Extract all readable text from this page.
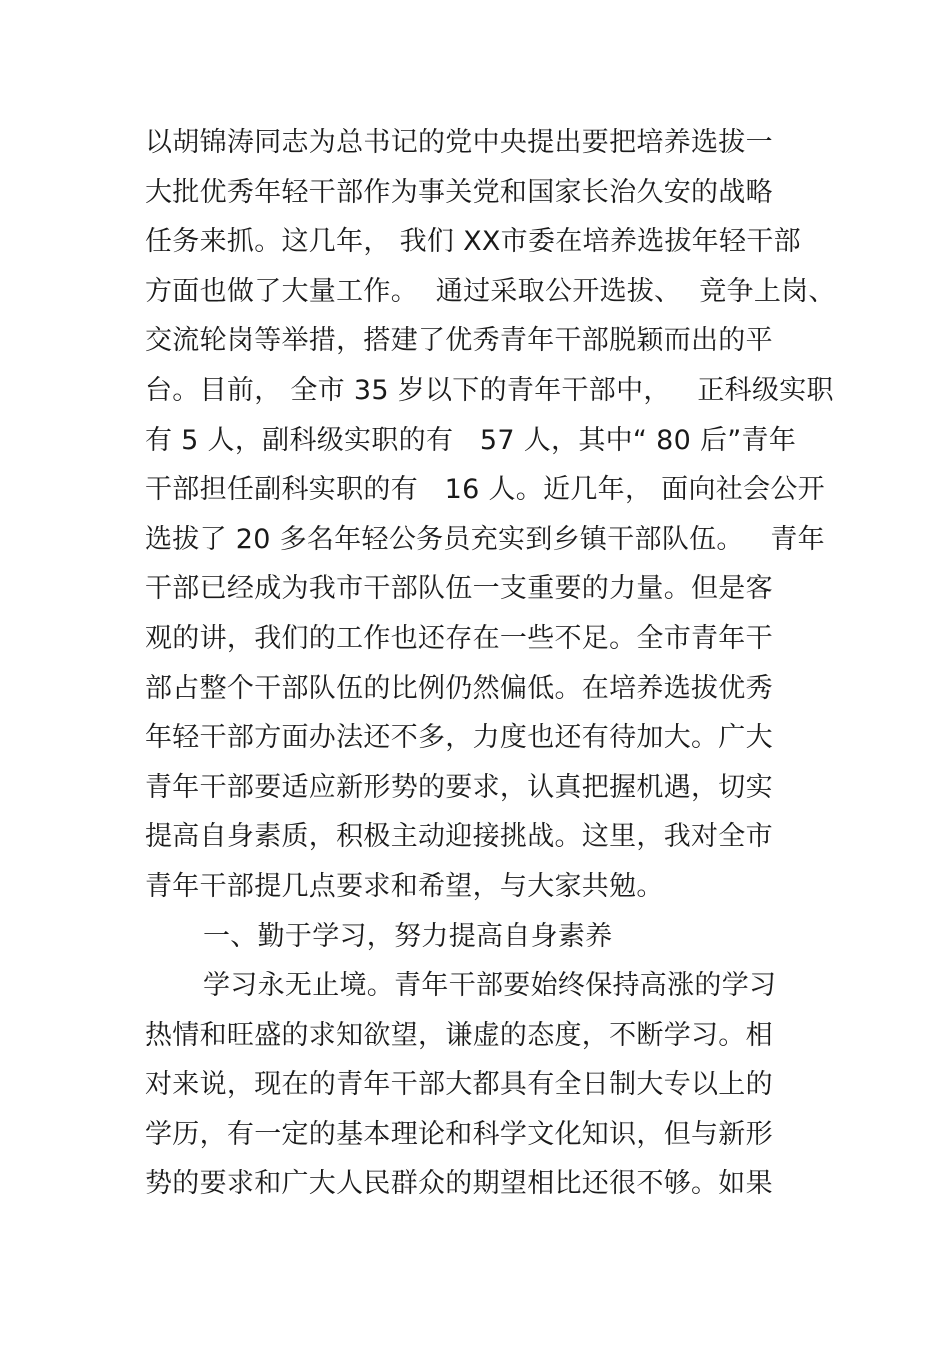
以胡锦涛同志为总书记的党中央提出要把培养选拔一
大批优秀年轻干部作为事关党和国家长治久安的战略
任务来抓。这几年， 我们 XX市委在培养选拔年轻干部
方面也做了大量工作。  通过采取公开选拔、  竞争上岗、
交流轮岗等举措，搭建了优秀青年干部脱颖而出的平
台。目前， 全市 35 岁以下的青年干部中，   正科级实职
有 5 人，副科级实职的有   57 人，其中“ 80 后”青年
干部担任副科实职的有   16 人。近几年， 面向社会公开
选拔了 20 多名年轻公务员充实到乡镇干部队伍。   青年
干部已经成为我市干部队伍一支重要的力量。但是客
观的讲，我们的工作也还存在一些不足。全市青年干
部占整个干部队伍的比例仍然偏低。在培养选拔优秀
年轻干部方面办法还不多，力度也还有待加大。广大
青年干部要适应新形势的要求，认真把握机遇，切实
提高自身素质，积极主动迎接挑战。这里，我对全市
青年干部提几点要求和希望，与大家共勉。
一、勤于学习，努力提高自身素养
学习永无止境。青年干部要始终保持高涨的学习
热情和旺盛的求知欲望，谦虚的态度，不断学习。相
对来说，现在的青年干部大都具有全日制大专以上的
学历，有一定的基本理论和科学文化知识，但与新形
势的要求和广大人民群众的期望相比还很不够。如果
